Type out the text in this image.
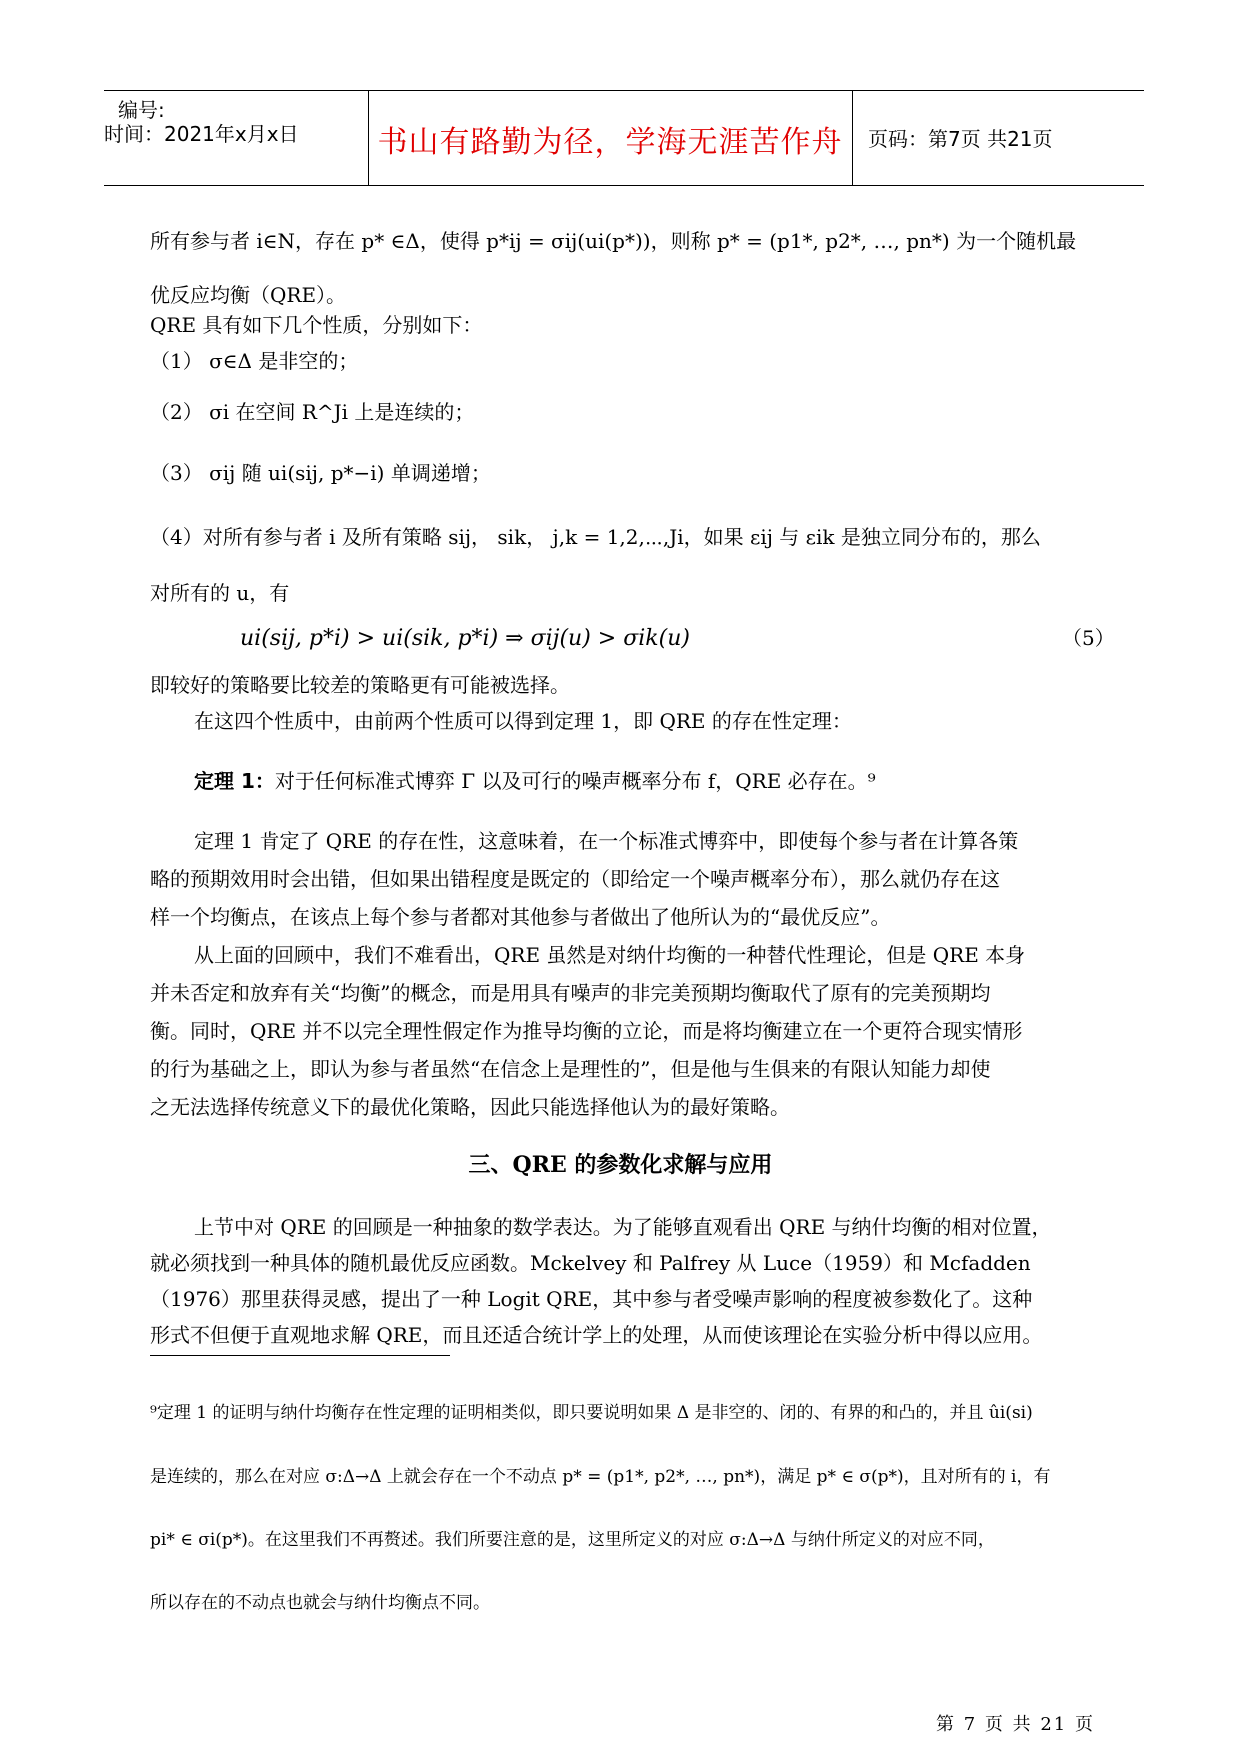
编号:
时间：2021年x月x日	书山有路勤为径，学海无涯苦作舟	页码：第7页 共21页
所有参与者 i∈N，存在 p* ∈Δ，使得 p*ij = σij(ui(p*))，则称 p* = (p1*, p2*, …, pn*) 为一个随机最
优反应均衡（QRE）。
QRE 具有如下几个性质，分别如下：
（1） σ∈Δ 是非空的；
（2） σi 在空间 R^Ji 上是连续的；
（3） σij 随 ui(sij, p*−i) 单调递增；
（4）对所有参与者 i 及所有策略 sij， sik， j,k = 1,2,⋯,Ji，如果 εij 与 εik 是独立同分布的，那么
对所有的 u，有
ui(sij, p*i) > ui(sik, p*i) ⇒ σij(u) > σik(u)	（5）
即较好的策略要比较差的策略更有可能被选择。
在这四个性质中，由前两个性质可以得到定理 1，即 QRE 的存在性定理：
定理 1：对于任何标准式博弈 Γ 以及可行的噪声概率分布 f，QRE 必存在。⁹
定理 1 肯定了 QRE 的存在性，这意味着，在一个标准式博弈中，即使每个参与者在计算各策
略的预期效用时会出错，但如果出错程度是既定的（即给定一个噪声概率分布），那么就仍存在这
样一个均衡点，在该点上每个参与者都对其他参与者做出了他所认为的“最优反应”。
从上面的回顾中，我们不难看出，QRE 虽然是对纳什均衡的一种替代性理论，但是 QRE 本身
并未否定和放弃有关“均衡”的概念，而是用具有噪声的非完美预期均衡取代了原有的完美预期均
衡。同时，QRE 并不以完全理性假定作为推导均衡的立论，而是将均衡建立在一个更符合现实情形
的行为基础之上，即认为参与者虽然“在信念上是理性的”，但是他与生俱来的有限认知能力却使
之无法选择传统意义下的最优化策略，因此只能选择他认为的最好策略。
三、QRE 的参数化求解与应用
上节中对 QRE 的回顾是一种抽象的数学表达。为了能够直观看出 QRE 与纳什均衡的相对位置，
就必须找到一种具体的随机最优反应函数。Mckelvey 和 Palfrey 从 Luce（1959）和 Mcfadden
（1976）那里获得灵感，提出了一种 Logit QRE，其中参与者受噪声影响的程度被参数化了。这种
形式不但便于直观地求解 QRE，而且还适合统计学上的处理，从而使该理论在实验分析中得以应用。
⁹定理 1 的证明与纳什均衡存在性定理的证明相类似，即只要说明如果 Δ 是非空的、闭的、有界的和凸的，并且 ûi(si)
是连续的，那么在对应 σ:Δ→Δ 上就会存在一个不动点 p* = (p1*, p2*, …, pn*)，满足 p* ∈ σ(p*)，且对所有的 i，有
pi* ∈ σi(p*)。在这里我们不再赘述。我们所要注意的是，这里所定义的对应 σ:Δ→Δ 与纳什所定义的对应不同，
所以存在的不动点也就会与纳什均衡点不同。
第 7 页 共 21 页
